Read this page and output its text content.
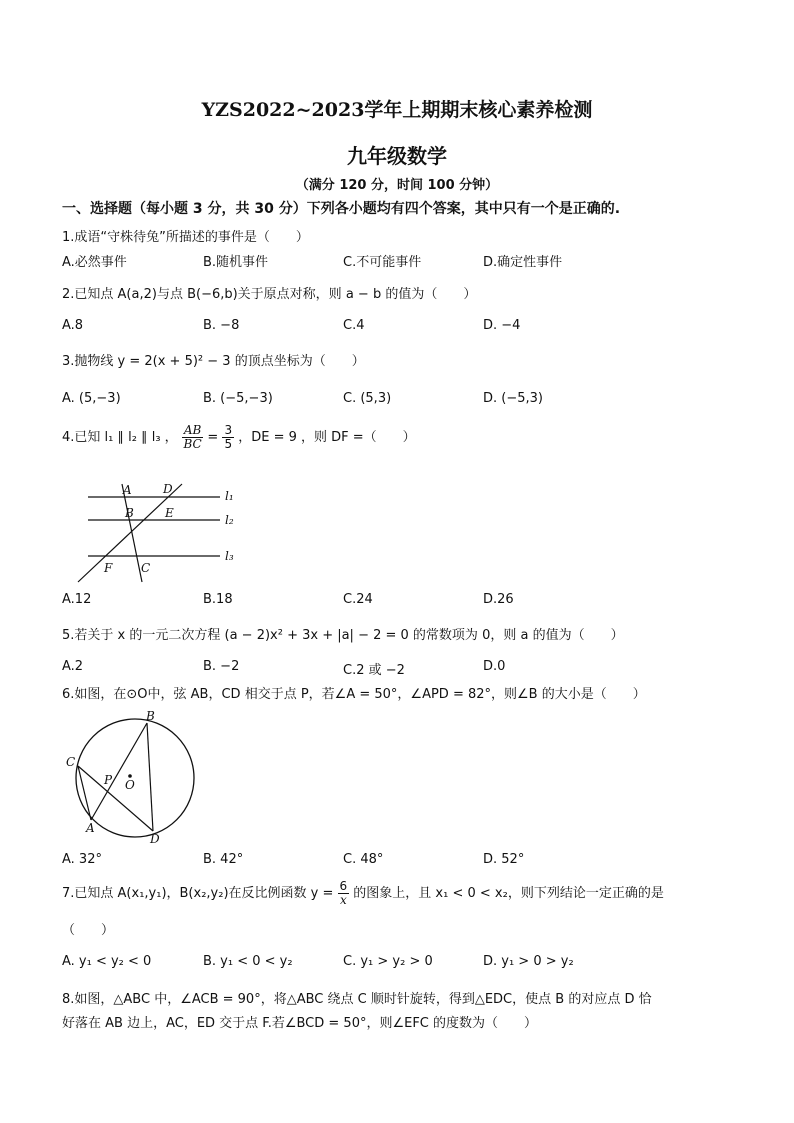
YZS2022~2023学年上期期末核心素养检测
九年级数学
（满分 120 分，时间 100 分钟）
一、选择题（每小题 3 分，共 30 分）下列各小题均有四个答案，其中只有一个是正确的.
1.成语“守株待兔”所描述的事件是（　　）
A.必然事件	B.随机事件	C.不可能事件	D.确定性事件
2.已知点 A(a,2)与点 B(−6,b)关于原点对称，则 a − b 的值为（　　）
A.8	B. −8	C.4	D. −4
3.抛物线 y = 2(x + 5)² − 3 的顶点坐标为（　　）
A. (5,−3)	B. (−5,−3)	C. (5,3)	D. (−5,3)
4.已知 l₁ ∥ l₂ ∥ l₃ ， $\frac{AB}{BC} = \frac{3}{5}$ ，DE = 9 ，则 DF =（　　）
A	D	l₁
B	E	l₂
l₃
F C
A.12	B.18	C.24	D.26
5.若关于 x 的一元二次方程 (a − 2)x² + 3x + |a| − 2 = 0 的常数项为 0，则 a 的值为（　　）
A.2	B. −2	C.2 或 −2	D.0
6.如图，在⊙O中，弦 AB，CD 相交于点 P，若∠A = 50°，∠APD = 82°，则∠B 的大小是（　　）
B
C
P O
A
D
A. 32°	B. 42°	C. 48°	D. 52°
7.已知点 A(x₁,y₁)，B(x₂,y₂)在反比例函数 $y = \frac{6}{x}$ 的图象上，且 x₁ < 0 < x₂，则下列结论一定正确的是
（　　）
A. y₁ < y₂ < 0	B. y₁ < 0 < y₂	C. y₁ > y₂ > 0	D. y₁ > 0 > y₂
8.如图，△ABC 中，∠ACB = 90°，将△ABC 绕点 C 顺时针旋转，得到△EDC，使点 B 的对应点 D 恰
好落在 AB 边上，AC，ED 交于点 F.若∠BCD = 50°，则∠EFC 的度数为（　　）
